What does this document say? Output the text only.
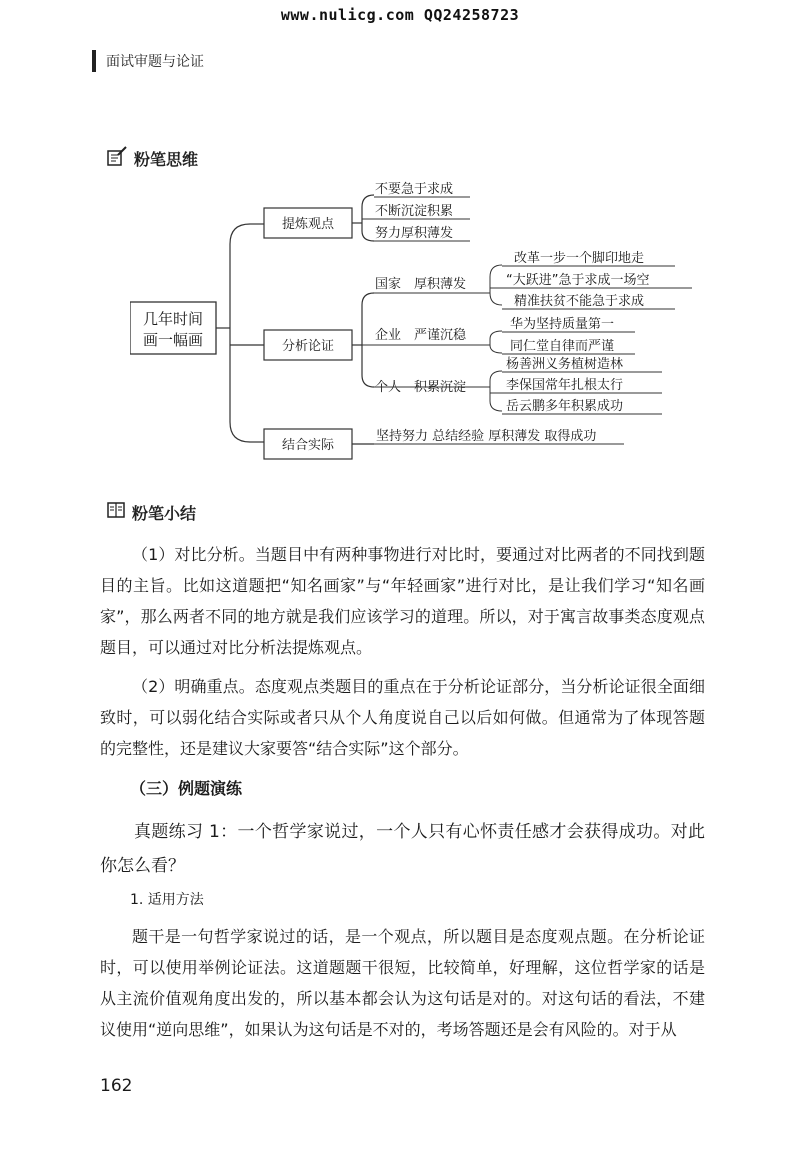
www.nulicg.com QQ24258723
面试审题与论证
粉笔思维
几年时间
画一幅画
提炼观点
不要急于求成
不断沉淀积累
努力厚积薄发
分析论证
国家　厚积薄发
改革一步一个脚印地走
“大跃进”急于求成一场空
精准扶贫不能急于求成
企业　严谨沉稳
华为坚持质量第一
同仁堂自律而严谨
个人　积累沉淀
杨善洲义务植树造林
李保国常年扎根太行
岳云鹏多年积累成功
结合实际
坚持努力 总结经验 厚积薄发 取得成功
粉笔小结
（1）对比分析。当题目中有两种事物进行对比时，要通过对比两者的不同找到题目的主旨。比如这道题把“知名画家”与“年轻画家”进行对比，是让我们学习“知名画家”，那么两者不同的地方就是我们应该学习的道理。所以，对于寓言故事类态度观点题目，可以通过对比分析法提炼观点。
（2）明确重点。态度观点类题目的重点在于分析论证部分，当分析论证很全面细致时，可以弱化结合实际或者只从个人角度说自己以后如何做。但通常为了体现答题的完整性，还是建议大家要答“结合实际”这个部分。
（三）例题演练
真题练习 1：一个哲学家说过，一个人只有心怀责任感才会获得成功。对此你怎么看？
1. 适用方法
题干是一句哲学家说过的话，是一个观点，所以题目是态度观点题。在分析论证时，可以使用举例论证法。这道题题干很短，比较简单，好理解，这位哲学家的话是从主流价值观角度出发的，所以基本都会认为这句话是对的。对这句话的看法，不建议使用“逆向思维”，如果认为这句话是不对的，考场答题还是会有风险的。对于从
162
